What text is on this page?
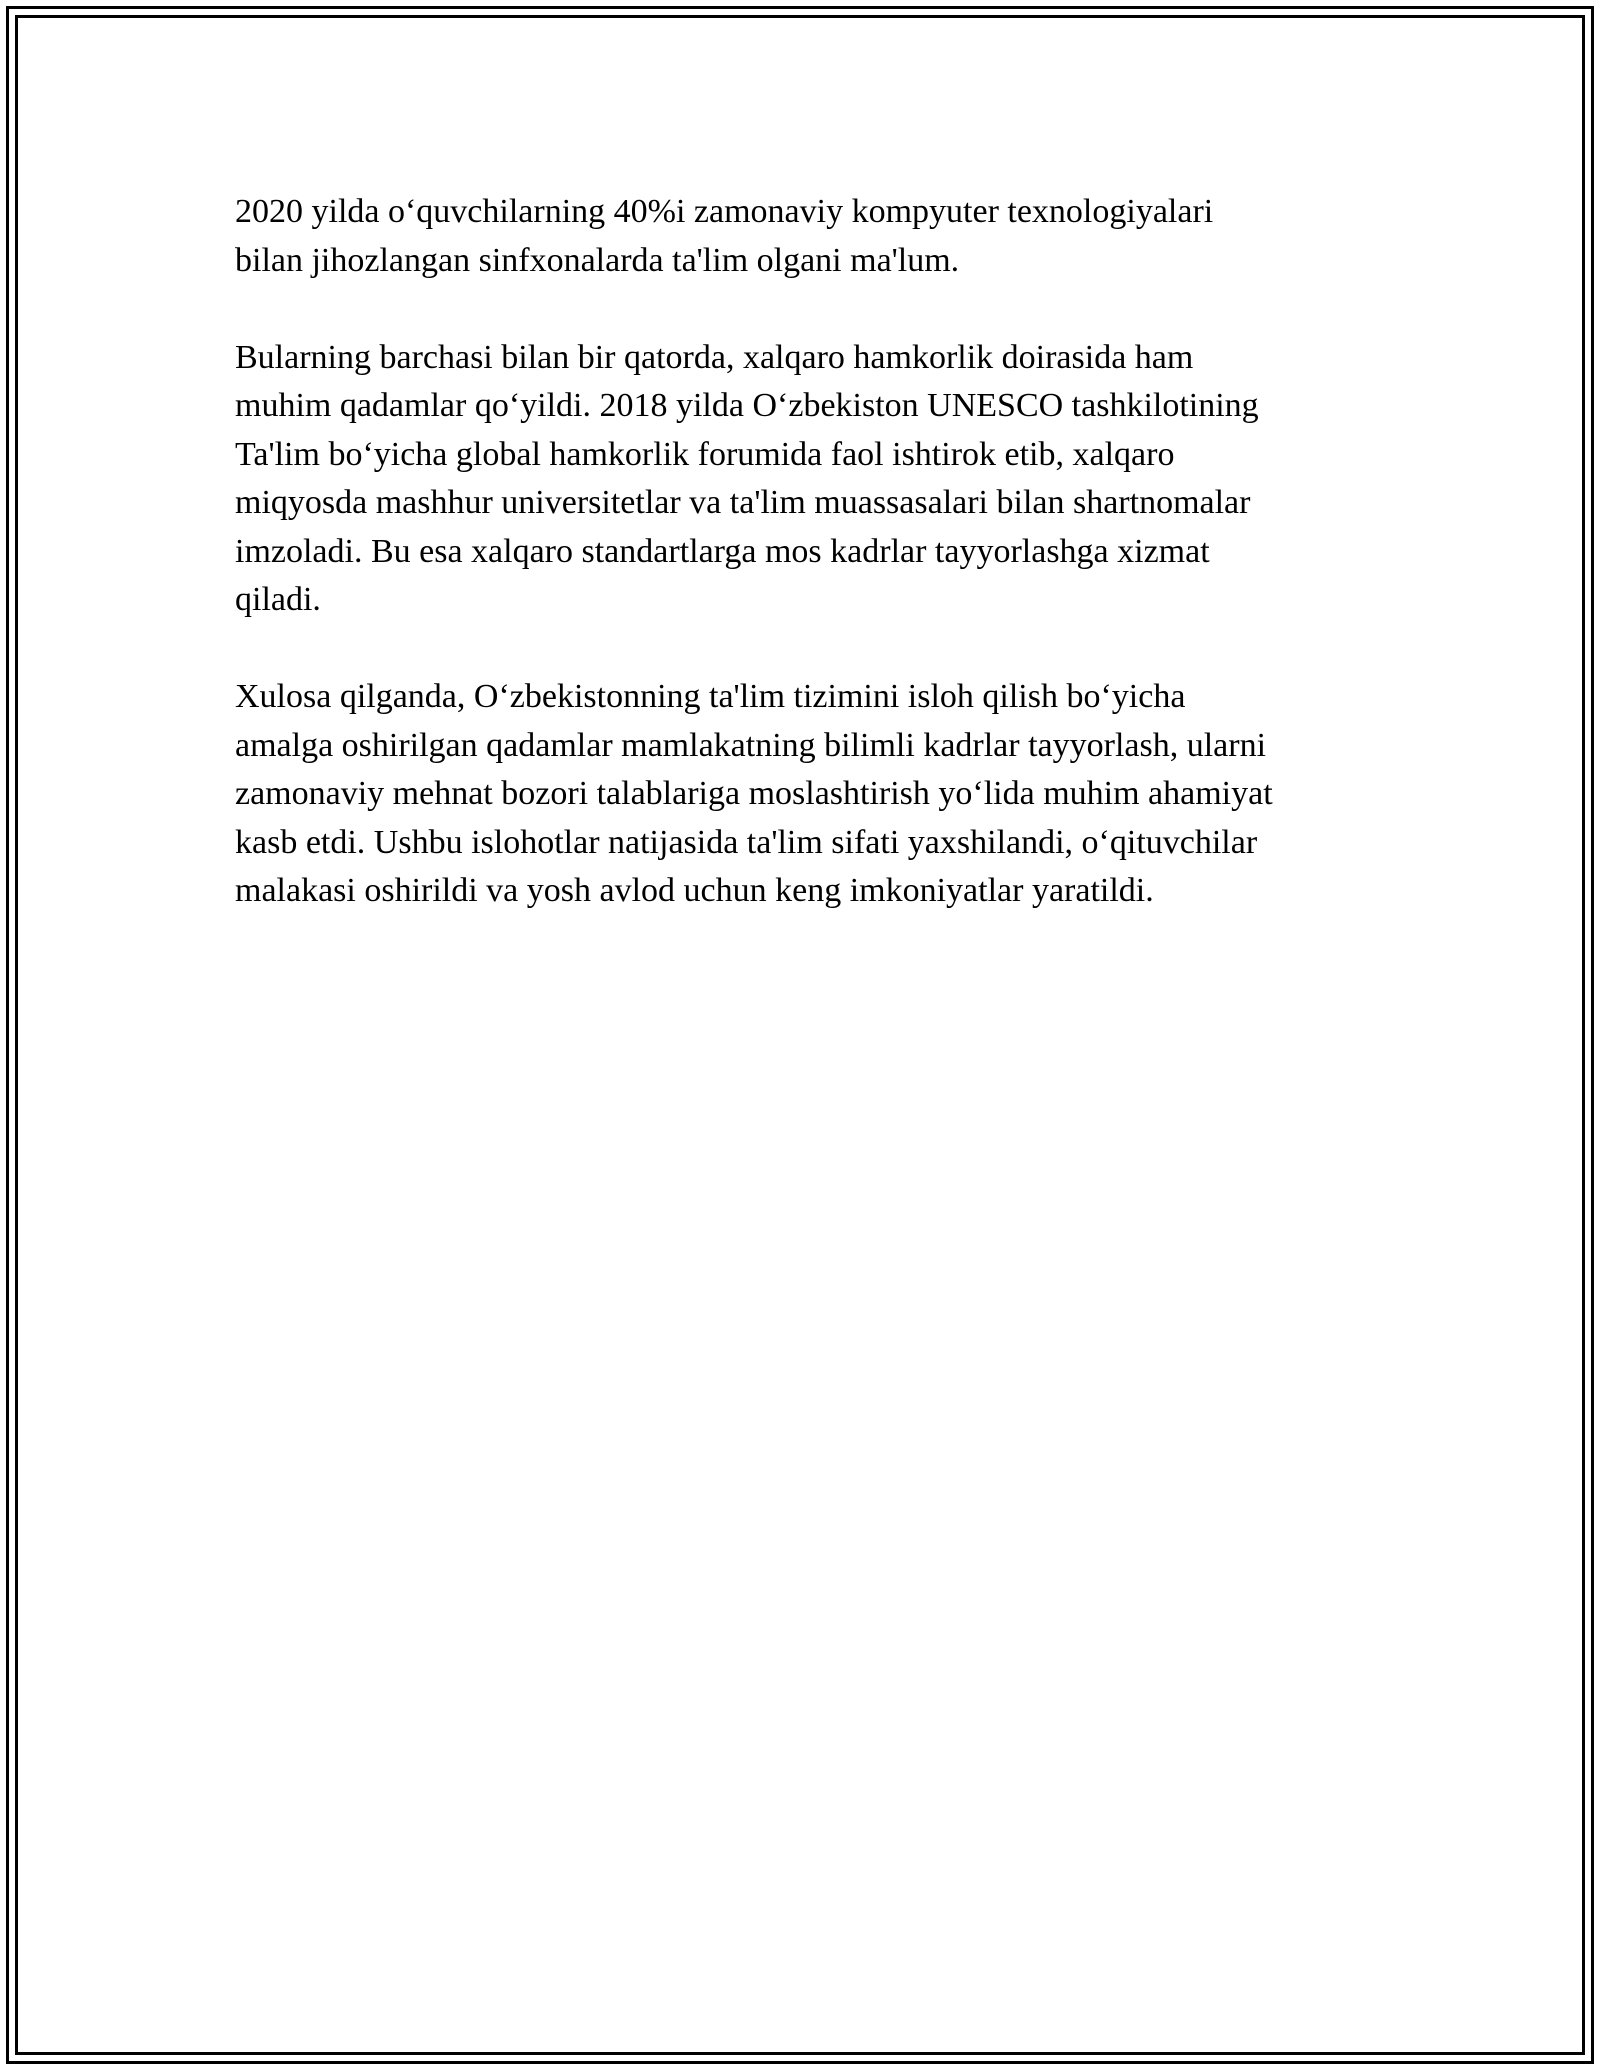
2020 yilda o‘quvchilarning 40%i zamonaviy kompyuter texnologiyalari
bilan jihozlangan sinfxonalarda ta'lim olgani ma'lum.

Bularning barchasi bilan bir qatorda, xalqaro hamkorlik doirasida ham
muhim qadamlar qo‘yildi. 2018 yilda O‘zbekiston UNESCO tashkilotining
Ta'lim bo‘yicha global hamkorlik forumida faol ishtirok etib, xalqaro
miqyosda mashhur universitetlar va ta'lim muassasalari bilan shartnomalar
imzoladi. Bu esa xalqaro standartlarga mos kadrlar tayyorlashga xizmat
qiladi.

Xulosa qilganda, O‘zbekistonning ta'lim tizimini isloh qilish bo‘yicha
amalga oshirilgan qadamlar mamlakatning bilimli kadrlar tayyorlash, ularni
zamonaviy mehnat bozori talablariga moslashtirish yo‘lida muhim ahamiyat
kasb etdi. Ushbu islohotlar natijasida ta'lim sifati yaxshilandi, o‘qituvchilar
malakasi oshirildi va yosh avlod uchun keng imkoniyatlar yaratildi.
